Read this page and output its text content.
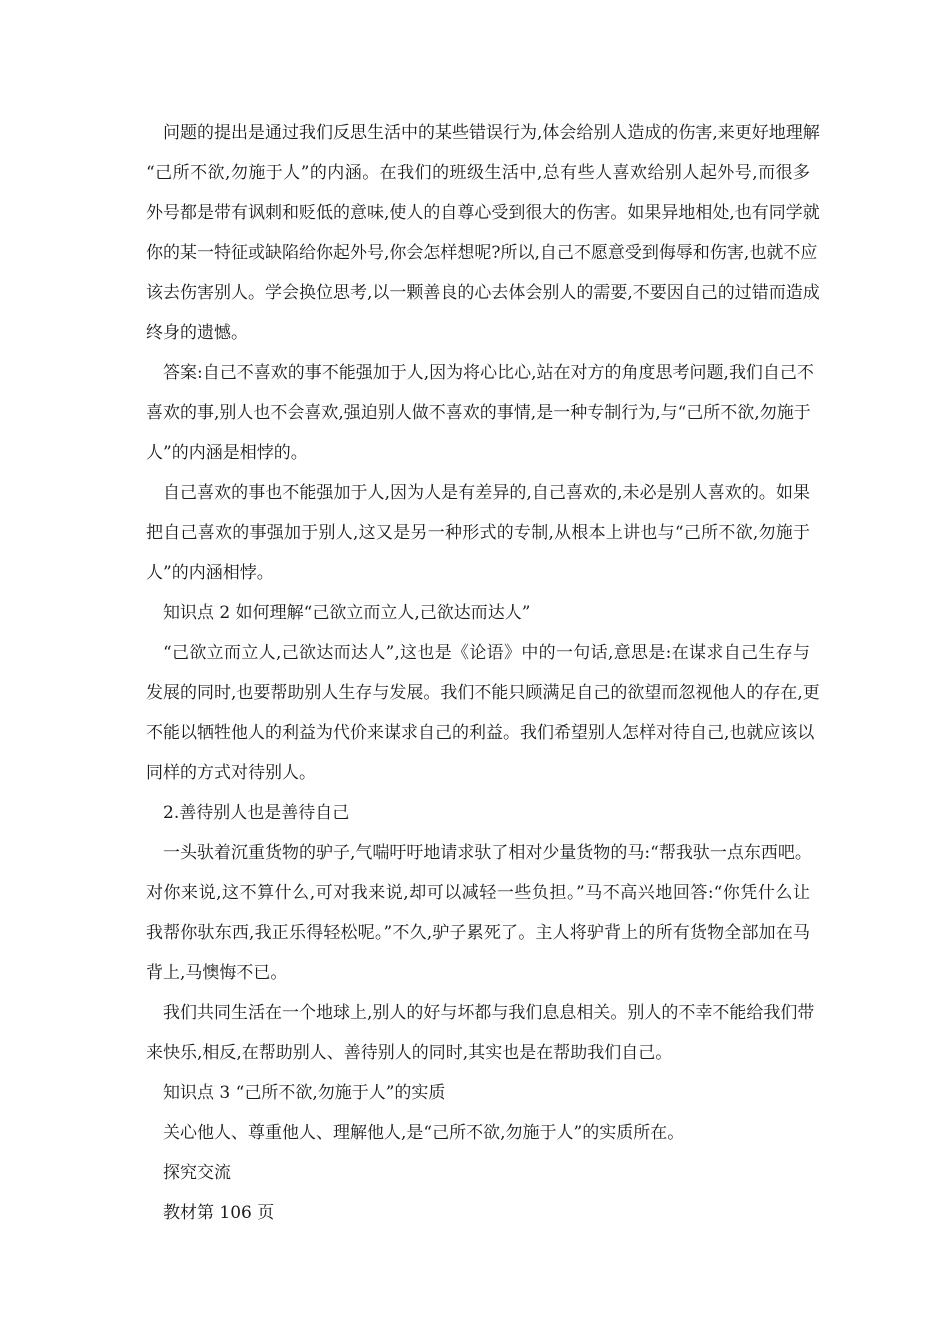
问题的提出是通过我们反思生活中的某些错误行为,体会给别人造成的伤害,来更好地理解
“己所不欲,勿施于人”的内涵。在我们的班级生活中,总有些人喜欢给别人起外号,而很多
外号都是带有讽刺和贬低的意味,使人的自尊心受到很大的伤害。如果异地相处,也有同学就
你的某一特征或缺陷给你起外号,你会怎样想呢?所以,自己不愿意受到侮辱和伤害,也就不应
该去伤害别人。学会换位思考,以一颗善良的心去体会别人的需要,不要因自己的过错而造成
终身的遗憾。
答案:自己不喜欢的事不能强加于人,因为将心比心,站在对方的角度思考问题,我们自己不
喜欢的事,别人也不会喜欢,强迫别人做不喜欢的事情,是一种专制行为,与“己所不欲,勿施于
人”的内涵是相悖的。
自己喜欢的事也不能强加于人,因为人是有差异的,自己喜欢的,未必是别人喜欢的。如果
把自己喜欢的事强加于别人,这又是另一种形式的专制,从根本上讲也与“己所不欲,勿施于
人”的内涵相悖。
知识点 2 如何理解“己欲立而立人,己欲达而达人”
“己欲立而立人,己欲达而达人”,这也是《论语》中的一句话,意思是:在谋求自己生存与
发展的同时,也要帮助别人生存与发展。我们不能只顾满足自己的欲望而忽视他人的存在,更
不能以牺牲他人的利益为代价来谋求自己的利益。我们希望别人怎样对待自己,也就应该以
同样的方式对待别人。
2.善待别人也是善待自己
一头驮着沉重货物的驴子,气喘吁吁地请求驮了相对少量货物的马:“帮我驮一点东西吧。
对你来说,这不算什么,可对我来说,却可以减轻一些负担。”马不高兴地回答:“你凭什么让
我帮你驮东西,我正乐得轻松呢。”不久,驴子累死了。主人将驴背上的所有货物全部加在马
背上,马懊悔不已。
我们共同生活在一个地球上,别人的好与坏都与我们息息相关。别人的不幸不能给我们带
来快乐,相反,在帮助别人、善待别人的同时,其实也是在帮助我们自己。
知识点 3 “己所不欲,勿施于人”的实质
关心他人、尊重他人、理解他人,是“己所不欲,勿施于人”的实质所在。
探究交流
教材第 106 页
